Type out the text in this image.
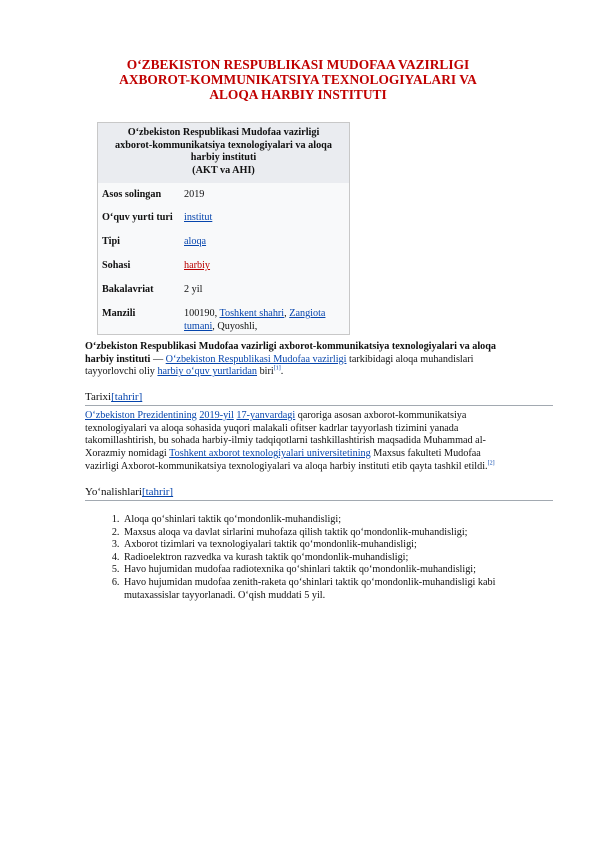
O‘ZBEKISTON RESPUBLIKASI MUDOFAA VAZIRLIGI
AXBOROT-KOMMUNIKATSIYA TEXNOLOGIYALARI VA
ALOQA HARBIY INSTITUTI
O‘zbekiston Respublikasi Mudofaa vazirligi
axborot-kommunikatsiya texnologiyalari va aloqa
harbiy instituti
(AKT va AHI)
Asos solingan	2019
O‘quv yurti turi	institut
Tipi	aloqa
Sohasi	harbiy
Bakalavriat	2 yil
Manzili	100190, Toshkent shahri, Zangiota tumani, Quyoshli,
O‘zbekiston Respublikasi Mudofaa vazirligi axborot-kommunikatsiya texnologiyalari va aloqa harbiy instituti — O‘zbekiston Respublikasi Mudofaa vazirligi tarkibidagi aloqa muhandislari tayyorlovchi oliy harbiy o‘quv yurtlaridan biri[1].
Tarixi[tahrir]
O‘zbekiston Prezidentining 2019-yil 17-yanvardagi qaroriga asosan axborot-kommunikatsiya texnologiyalari va aloqa sohasida yuqori malakali ofitser kadrlar tayyorlash tizimini yanada takomillashtirish, bu sohada harbiy-ilmiy tadqiqotlarni tashkillashtirish maqsadida Muhammad al-Xorazmiy nomidagi Toshkent axborot texnologiyalari universitetining Maxsus fakulteti Mudofaa vazirligi Axborot-kommunikatsiya texnologiyalari va aloqa harbiy instituti etib qayta tashkil etildi.[2]
Yo‘nalishlari[tahrir]
1. Aloqa qo‘shinlari taktik qo‘mondonlik-muhandisligi;
2. Maxsus aloqa va davlat sirlarini muhofaza qilish taktik qo‘mondonlik-muhandisligi;
3. Axborot tizimlari va texnologiyalari taktik qo‘mondonlik-muhandisligi;
4. Radioelektron razvedka va kurash taktik qo‘mondonlik-muhandisligi;
5. Havo hujumidan mudofaa radiotexnika qo‘shinlari taktik qo‘mondonlik-muhandisligi;
6. Havo hujumidan mudofaa zenith-raketa qo‘shinlari taktik qo‘mondonlik-muhandisligi kabi mutaxassislar tayyorlanadi. O‘qish muddati 5 yil.
